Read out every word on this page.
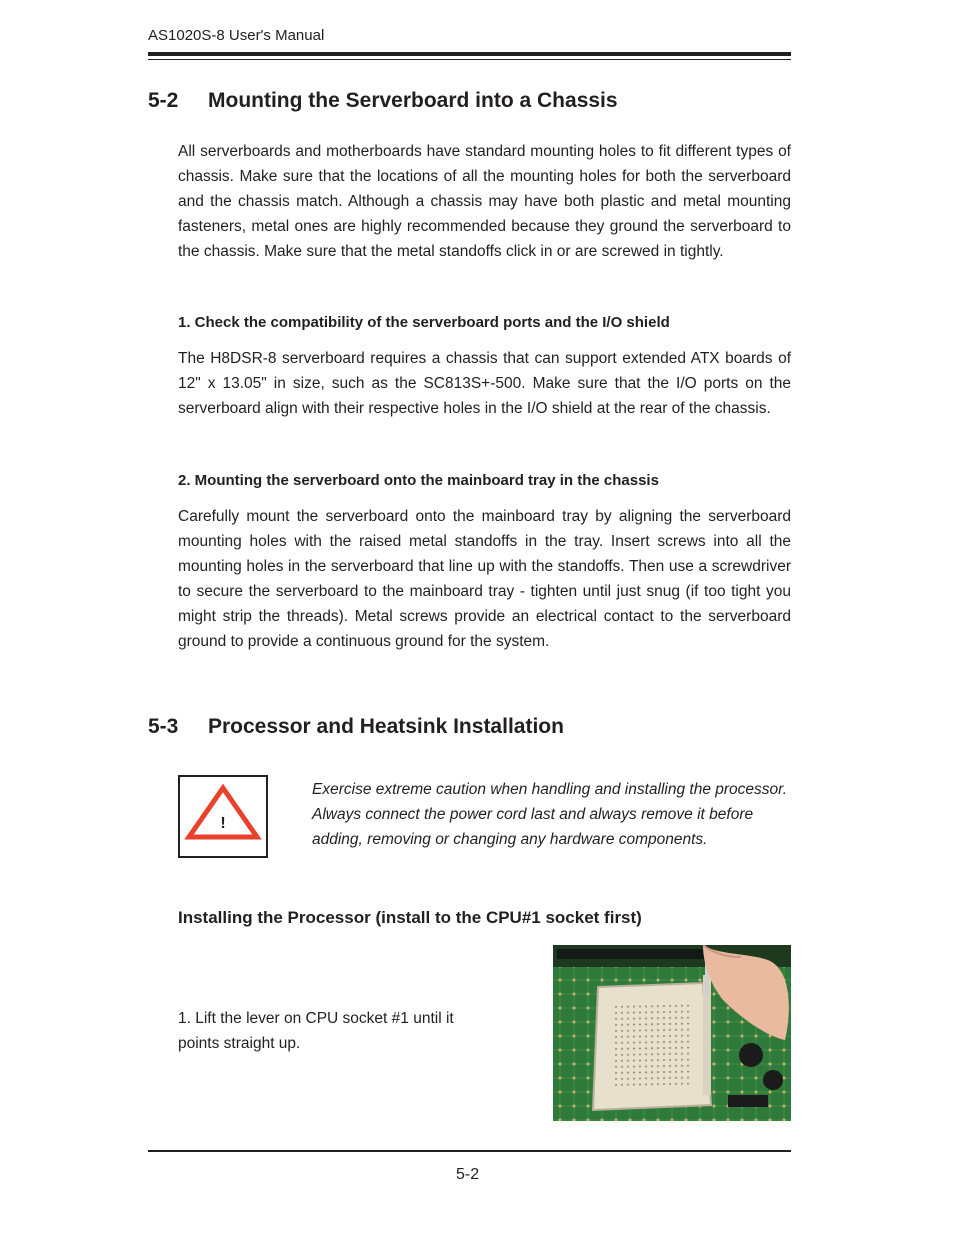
AS1020S-8 User's Manual
5-2 Mounting the Serverboard into a Chassis
All serverboards and motherboards have standard mounting holes to fit different types of chassis. Make sure that the locations of all the mounting holes for both the serverboard and the chassis match. Although a chassis may have both plastic and metal mounting fasteners, metal ones are highly recommended because they ground the serverboard to the chassis. Make sure that the metal standoffs click in or are screwed in tightly.
1. Check the compatibility of the serverboard ports and the I/O shield
The H8DSR-8 serverboard requires a chassis that can support extended ATX boards of 12" x 13.05" in size, such as the SC813S+-500. Make sure that the I/O ports on the serverboard align with their respective holes in the I/O shield at the rear of the chassis.
2. Mounting the serverboard onto the mainboard tray in the chassis
Carefully mount the serverboard onto the mainboard tray by aligning the serverboard mounting holes with the raised metal standoffs in the tray. Insert screws into all the mounting holes in the serverboard that line up with the standoffs. Then use a screwdriver to secure the serverboard to the mainboard tray - tighten until just snug (if too tight you might strip the threads). Metal screws provide an electrical contact to the serverboard ground to provide a continuous ground for the system.
5-3 Processor and Heatsink Installation
!
Exercise extreme caution when handling and installing the processor. Always connect the power cord last and always remove it before adding, removing or changing any hardware components.
Installing the Processor (install to the CPU#1 socket first)
1. Lift the lever on CPU socket #1 until it points straight up.
5-2
